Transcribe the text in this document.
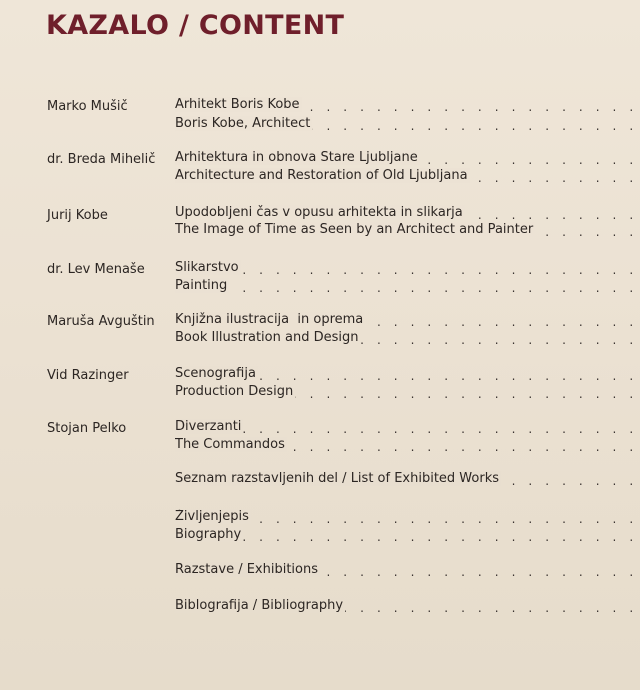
KAZALO / CONTENT
Marko Mušič . . .	Arhitekt Boris Kobe
. . .
Boris Kobe, Architect
dr. Breda Mihelič . . . Arhitektura in obnova Stare Ljubljane
. . .
Architecture and Restoration of Old Ljubljana
Jurij Kobe . . .	Upodobljeni čas v opusu arhitekta in slikarja
. . .
The Image of Time as Seen by an Architect and Painter
dr. Lev Menaše . . . Slikarstvo
. . .
Painting
Maruša Avguštin . . . Knjižna ilustracija  in oprema
. . .
Book Illustration and Design
Vid Razinger . . .	Scenografija
. . .
Production Design
Stojan Pelko . . .	Diverzanti
. . .
The Commandos
. . .
Seznam razstavljenih del / List of Exhibited Works
. . .
Življenjepis
. . .
Biography
. . .
Razstave / Exhibitions
. . .
Biblografija / Bibliography
